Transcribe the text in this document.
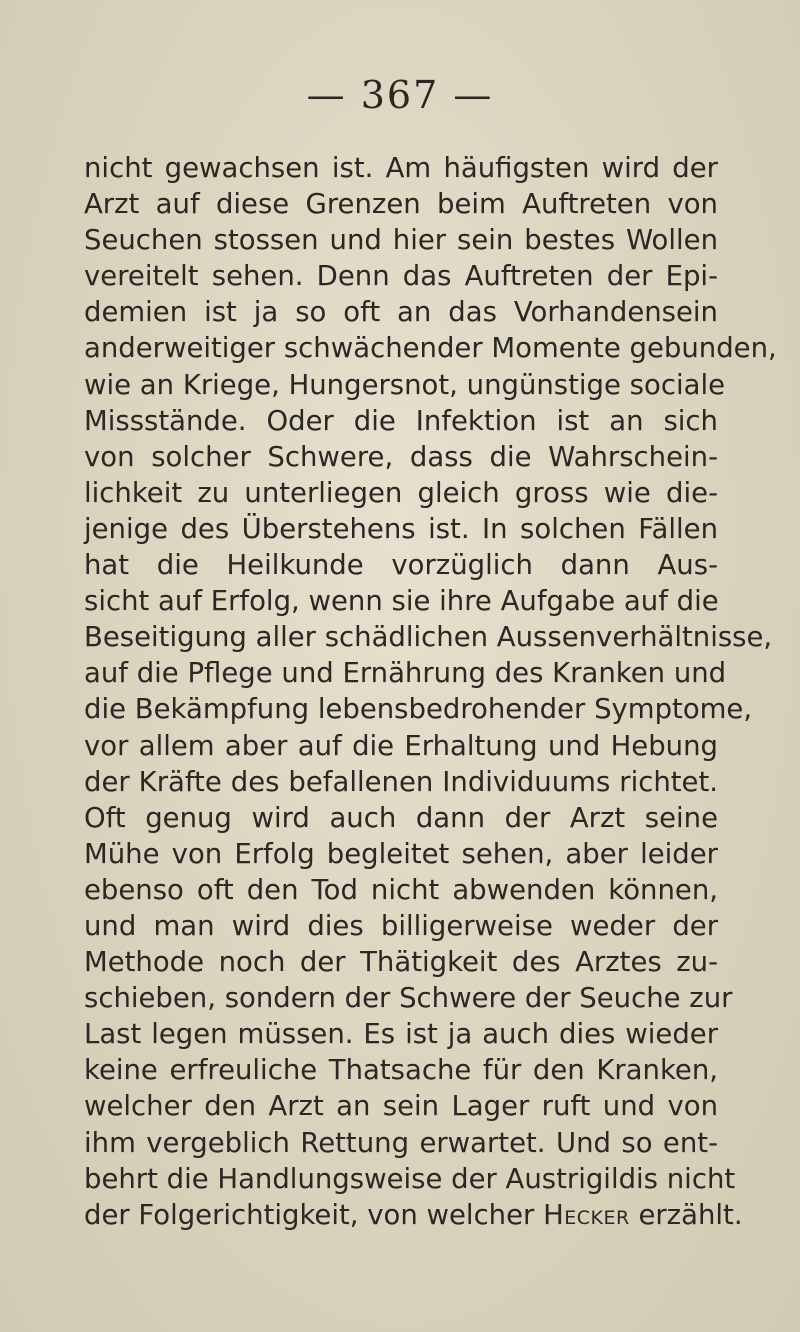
— 367 —
nicht gewachsen ist. Am häufigsten wird der
Arzt auf diese Grenzen beim Auftreten von
Seuchen stossen und hier sein bestes Wollen
vereitelt sehen. Denn das Auftreten der Epi-
demien ist ja so oft an das Vorhandensein
anderweitiger schwächender Momente gebunden,
wie an Kriege, Hungersnot, ungünstige sociale
Missstände. Oder die Infektion ist an sich
von solcher Schwere, dass die Wahrschein-
lichkeit zu unterliegen gleich gross wie die-
jenige des Überstehens ist. In solchen Fällen
hat die Heilkunde vorzüglich dann Aus-
sicht auf Erfolg, wenn sie ihre Aufgabe auf die
Beseitigung aller schädlichen Aussenverhältnisse,
auf die Pflege und Ernährung des Kranken und
die Bekämpfung lebensbedrohender Symptome,
vor allem aber auf die Erhaltung und Hebung
der Kräfte des befallenen Individuums richtet.
Oft genug wird auch dann der Arzt seine
Mühe von Erfolg begleitet sehen, aber leider
ebenso oft den Tod nicht abwenden können,
und man wird dies billigerweise weder der
Methode noch der Thätigkeit des Arztes zu-
schieben, sondern der Schwere der Seuche zur
Last legen müssen. Es ist ja auch dies wieder
keine erfreuliche Thatsache für den Kranken,
welcher den Arzt an sein Lager ruft und von
ihm vergeblich Rettung erwartet. Und so ent-
behrt die Handlungsweise der Austrigildis nicht
der Folgerichtigkeit, von welcher Hecker erzählt.
